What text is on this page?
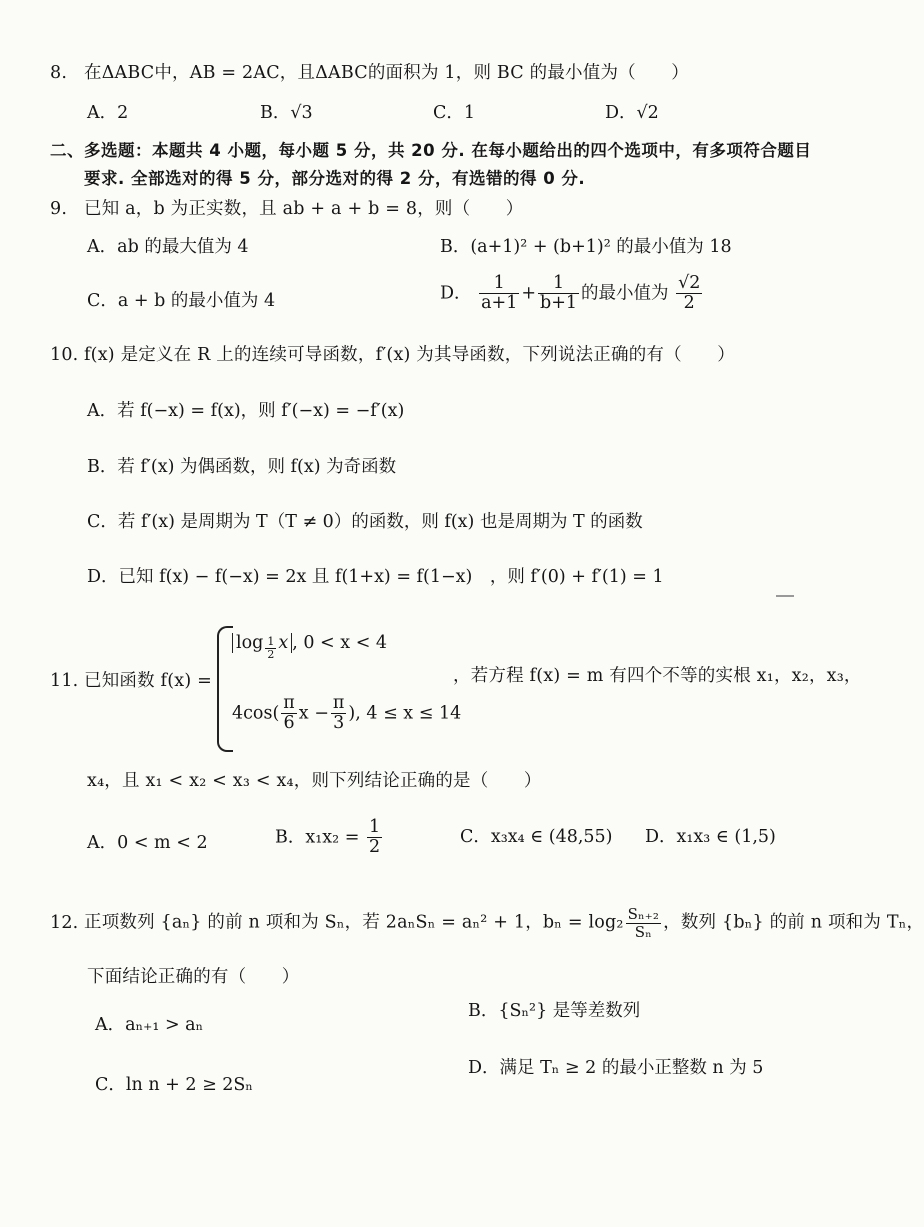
8. 在ΔABC中，AB = 2AC，且ΔABC的面积为 1，则 BC 的最小值为（　　）
A．2	B．√3	C．1	D．√2
二、多选题：本题共 4 小题，每小题 5 分，共 20 分. 在每小题给出的四个选项中，有多项符合题目
要求. 全部选对的得 5 分，部分选对的得 2 分，有选错的得 0 分.
9. 已知 a，b 为正实数，且 ab + a + b = 8，则（　　）
A．ab 的最大值为 4	B．(a+1)² + (b+1)² 的最小值为 18
C．a + b 的最小值为 4	D． $\frac{1}{a+1} + \frac{1}{b+1}$ 的最小值为 $\frac{√2}{2}$
10. f(x) 是定义在 R 上的连续可导函数，f′(x) 为其导函数，下列说法正确的有（　　）
A．若 f(−x) = f(x)，则 f′(−x) = −f′(x)
B．若 f′(x) 为偶函数，则 f(x) 为奇函数
C．若 f′(x) 是周期为 T（T ≠ 0）的函数，则 f(x) 也是周期为 T 的函数
D．已知 f(x) − f(−x) = 2x 且 f(1+x) = f(1−x)　，则 f′(0) + f′(1) = 1
11. 已知函数 f(x) =
$\log \frac{1}{2}$ x , 0 < x < 4
$4\cos( \frac{\pi}{6}$ $x - \frac{\pi}{3}$ ), 4 ≤ x ≤ 14
，若方程 f(x) = m 有四个不等的实根 x₁，x₂，x₃，
x₄，且 x₁ < x₂ < x₃ < x₄，则下列结论正确的是（　　）
A．0 < m < 2	B．$x_1x_2 = \frac{1}{2}$	C．x₃x₄ ∈ (48,55) D．x₁x₃ ∈ (1,5)
12. 正项数列 {aₙ} 的前 n 项和为 Sₙ，若 2aₙSₙ = aₙ² + 1，$b_n = \log_2 \frac{\text{Sₙ₊₂}}{\text{Sₙ}}$ ，数列 {bₙ} 的前 n 项和为 Tₙ，
下面结论正确的有（　　）
A．aₙ₊₁ > aₙ
B．{Sₙ²} 是等差数列
C．ln n + 2 ≥ 2Sₙ
D．满足 Tₙ ≥ 2 的最小正整数 n 为 5
